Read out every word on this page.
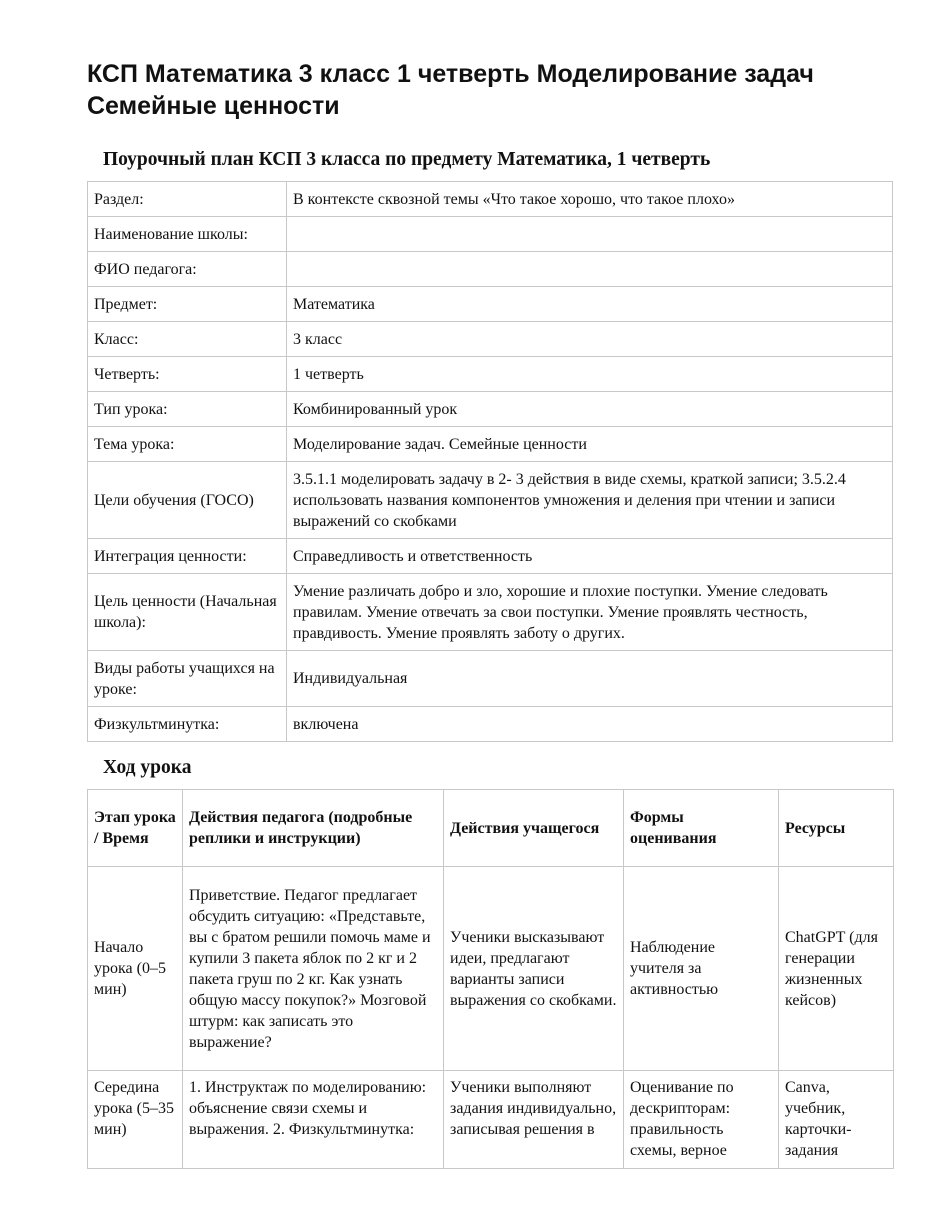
КСП Математика 3 класс 1 четверть Моделирование задач Семейные ценности
Поурочный план КСП 3 класса по предмету Математика, 1 четверть
Раздел:	В контексте сквозной темы «Что такое хорошо, что такое плохо»
Наименование школы:	
ФИО педагога:	
Предмет:	Математика
Класс:	3 класс
Четверть:	1 четверть
Тип урока:	Комбинированный урок
Тема урока:	Моделирование задач. Семейные ценности
Цели обучения (ГОСО)	3.5.1.1 моделировать задачу в 2- 3 действия в виде схемы, краткой записи; 3.5.2.4 использовать названия компонентов умножения и деления при чтении и записи выражений со скобками
Интеграция ценности:	Справедливость и ответственность
Цель ценности (Начальная школа):	Умение различать добро и зло, хорошие и плохие поступки. Умение следовать правилам. Умение отвечать за свои поступки. Умение проявлять честность, правдивость. Умение проявлять заботу о других.
Виды работы учащихся на уроке:	Индивидуальная
Физкультминутка:	включена
Ход урока
Этап урока / Время	Действия педагога (подробные реплики и инструкции)	Действия учащегося	Формы оценивания	Ресурсы
Начало урока (0–5 мин)	Приветствие. Педагог предлагает обсудить ситуацию: «Представьте, вы с братом решили помочь маме и купили 3 пакета яблок по 2 кг и 2 пакета груш по 2 кг. Как узнать общую массу покупок?» Мозговой штурм: как записать это выражение?	Ученики высказывают идеи, предлагают варианты записи выражения со скобками.	Наблюдение учителя за активностью	ChatGPT (для генерации жизненных кейсов)
Середина урока (5–35 мин)	1. Инструктаж по моделированию: объяснение связи схемы и выражения. 2. Физкультминутка:	Ученики выполняют задания индивидуально, записывая решения в	Оценивание по дескрипторам: правильность схемы, верное	Canva, учебник, карточки-задания
